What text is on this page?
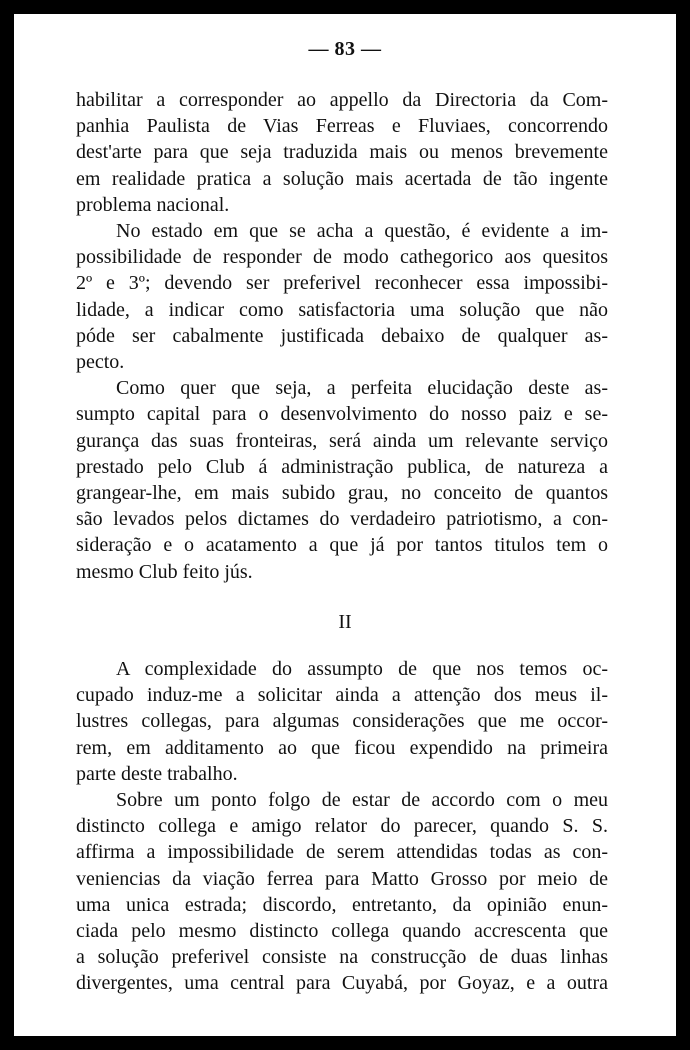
— 83 —

habilitar a corresponder ao appello da Directoria da Com-
panhia Paulista de Vias Ferreas e Fluviaes, concorrendo
dest'arte para que seja traduzida mais ou menos brevemente
em realidade pratica a solução mais acertada de tão ingente
problema nacional.

No estado em que se acha a questão, é evidente a im-
possibilidade de responder de modo cathegorico aos quesitos
2º e 3º; devendo ser preferivel reconhecer essa impossibi-
lidade, a indicar como satisfactoria uma solução que não
póde ser cabalmente justificada debaixo de qualquer as-
pecto.

Como quer que seja, a perfeita elucidação deste as-
sumpto capital para o desenvolvimento do nosso paiz e se-
gurança das suas fronteiras, será ainda um relevante serviço
prestado pelo Club á administração publica, de natureza a
grangear-lhe, em mais subido grau, no conceito de quantos
são levados pelos dictames do verdadeiro patriotismo, a con-
sideração e o acatamento a que já por tantos titulos tem o
mesmo Club feito jús.

II

A complexidade do assumpto de que nos temos oc-
cupado induz-me a solicitar ainda a attenção dos meus il-
lustres collegas, para algumas considerações que me occor-
rem, em additamento ao que ficou expendido na primeira
parte deste trabalho.

Sobre um ponto folgo de estar de accordo com o meu
distincto collega e amigo relator do parecer, quando S. S.
affirma a impossibilidade de serem attendidas todas as con-
veniencias da viação ferrea para Matto Grosso por meio de
uma unica estrada; discordo, entretanto, da opinião enun-
ciada pelo mesmo distincto collega quando accrescenta que
a solução preferivel consiste na construcção de duas linhas
divergentes, uma central para Cuyabá, por Goyaz, e a outra
